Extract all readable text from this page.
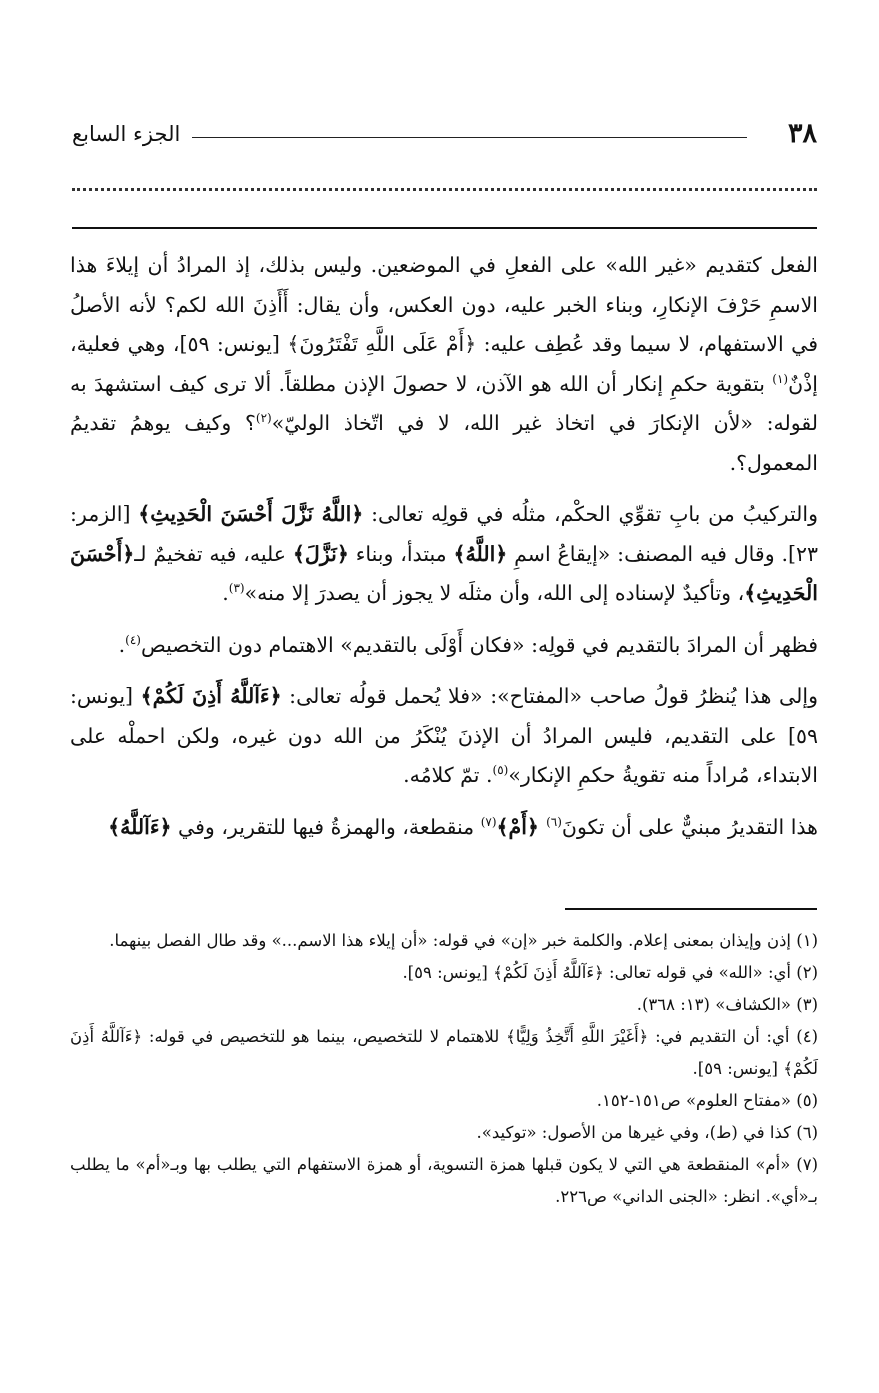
٣٨
الجزء السابع

الفعل كتقديم «غير الله» على الفعلِ في الموضعين. وليس بذلك، إذ المرادُ أن إيلاءَ هذا الاسمِ حَرْفَ الإنكارِ، وبناء الخبر عليه، دون العكس، وأن يقال: أَأَذِنَ الله لكم؟ لأنه الأصلُ في الاستفهام، لا سيما وقد عُطِف عليه: ﴿أَمْ عَلَى اللَّهِ تَفْتَرُونَ﴾ [يونس: ٥٩]، وهي فعلية، إذْنٌ$^{(١)}$ بتقوية حكمِ إنكار أن الله هو الآذن، لا حصولَ الإذن مطلقاً. ألا ترى كيف استشهدَ به لقوله: «لأن الإنكارَ في اتخاذ غير الله، لا في اتّخاذ الوليّ»$^{(٢)}$؟ وكيف يوهمُ تقديمُ المعمول؟.

والتركيبُ من بابِ تقوِّي الحكْم، مثلُه في قولِه تعالى: ﴿اللَّهُ نَزَّلَ أَحْسَنَ الْحَدِيثِ﴾ [الزمر: ٢٣]. وقال فيه المصنف: «إيقاعُ اسمِ ﴿اللَّهُ﴾ مبتدأ، وبناء ﴿نَزَّلَ﴾ عليه، فيه تفخيمٌ لـ﴿أَحْسَنَ الْحَدِيثِ﴾، وتأكيدٌ لإسناده إلى الله، وأن مثلَه لا يجوز أن يصدرَ إلا منه»$^{(٣)}$.

فظهر أن المرادَ بالتقديم في قولِه: «فكان أَوْلَى بالتقديم» الاهتمام دون التخصيص$^{(٤)}$.

وإلى هذا يُنظرُ قولُ صاحب «المفتاح»: «فلا يُحمل قولُه تعالى: ﴿ءَآللَّهُ أَذِنَ لَكُمْ﴾ [يونس: ٥٩] على التقديم، فليس المرادُ أن الإذنَ يُنْكَرُ من الله دون غيره، ولكن احملْه على الابتداء، مُراداً منه تقويةُ حكمِ الإنكار»$^{(٥)}$. تمّ كلامُه.

هذا التقديرُ مبنيٌّ على أن تكونَ$^{(٦)}$ ﴿أَمْ﴾$^{(٧)}$ منقطعة، والهمزةُ فيها للتقرير، وفي ﴿ءَآللَّهُ﴾

(١) إذن وإيذان بمعنى إعلام. والكلمة خبر «إن» في قوله: «أن إيلاء هذا الاسم...» وقد طال الفصل بينهما.

(٢) أي: «الله» في قوله تعالى: ﴿ءَآللَّهُ أَذِنَ لَكُمْ﴾ [يونس: ٥٩].

(٣) «الكشاف» (١٣: ٣٦٨).

(٤) أي: أن التقديم في: ﴿أَغَيْرَ اللَّهِ أَتَّخِذُ وَلِيًّا﴾ للاهتمام لا للتخصيص، بينما هو للتخصيص في قوله: ﴿ءَآللَّهُ أَذِنَ لَكُمْ﴾ [يونس: ٥٩].

(٥) «مفتاح العلوم» ص١٥١-١٥٢.

(٦) كذا في (ط)، وفي غيرها من الأصول: «توكيد».

(٧) «أم» المنقطعة هي التي لا يكون قبلها همزة التسوية، أو همزة الاستفهام التي يطلب بها وبـ«أم» ما يطلب بـ«أي». انظر: «الجنى الداني» ص٢٢٦.
